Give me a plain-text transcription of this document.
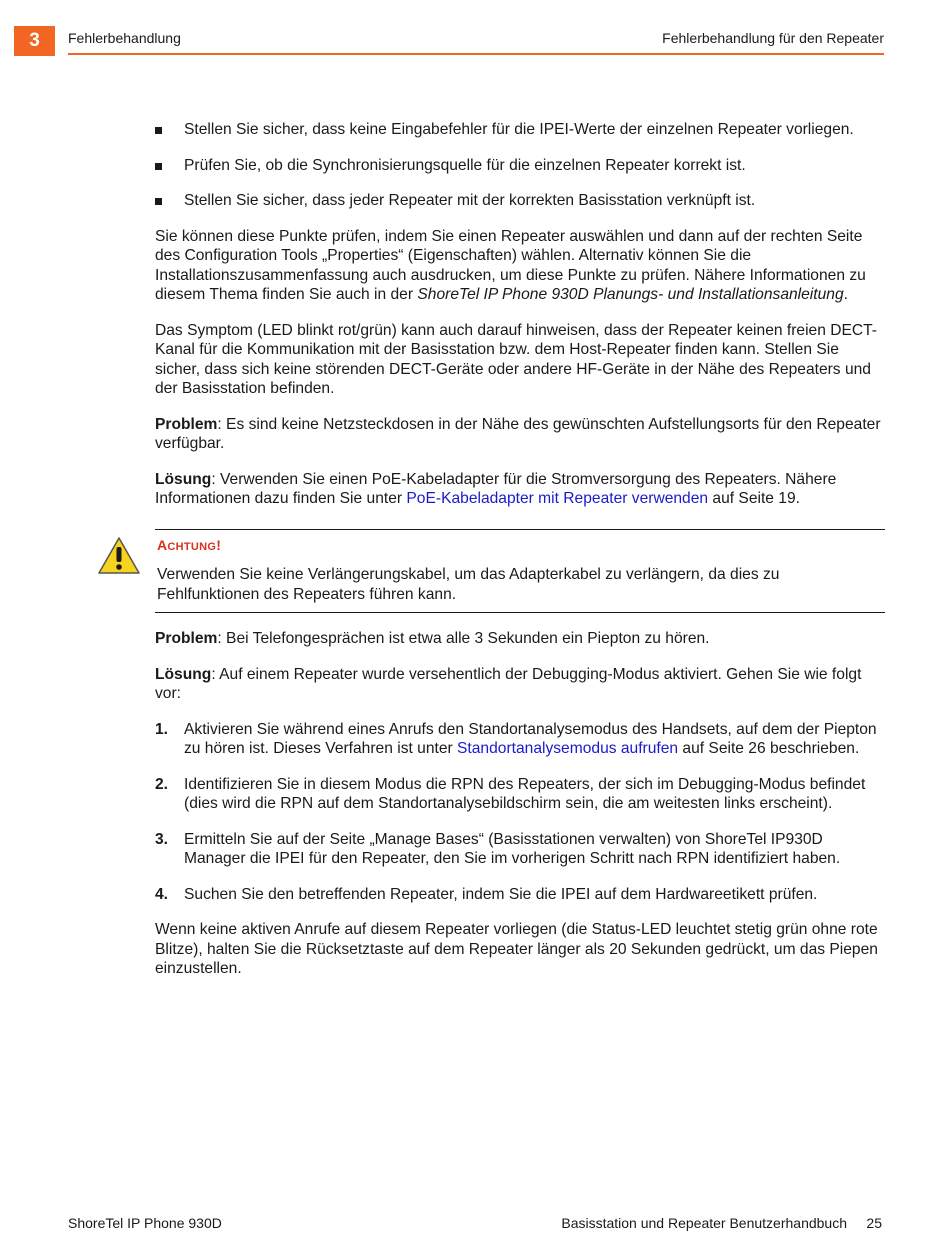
3	Fehlerbehandlung	Fehlerbehandlung für den Repeater
Stellen Sie sicher, dass keine Eingabefehler für die IPEI-Werte der einzelnen Repeater vorliegen.
Prüfen Sie, ob die Synchronisierungsquelle für die einzelnen Repeater korrekt ist.
Stellen Sie sicher, dass jeder Repeater mit der korrekten Basisstation verknüpft ist.

Sie können diese Punkte prüfen, indem Sie einen Repeater auswählen und dann auf der rechten Seite des Configuration Tools „Properties“ (Eigenschaften) wählen. Alternativ können Sie die Installationszusammenfassung auch ausdrucken, um diese Punkte zu prüfen. Nähere Informationen zu diesem Thema finden Sie auch in der ShoreTel IP Phone 930D Planungs- und Installationsanleitung.

Das Symptom (LED blinkt rot/grün) kann auch darauf hinweisen, dass der Repeater keinen freien DECT-Kanal für die Kommunikation mit der Basisstation bzw. dem Host-Repeater finden kann. Stellen Sie sicher, dass sich keine störenden DECT-Geräte oder andere HF-Geräte in der Nähe des Repeaters und der Basisstation befinden.

Problem: Es sind keine Netzsteckdosen in der Nähe des gewünschten Aufstellungsorts für den Repeater verfügbar.

Lösung: Verwenden Sie einen PoE-Kabeladapter für die Stromversorgung des Repeaters. Nähere Informationen dazu finden Sie unter PoE-Kabeladapter mit Repeater verwenden auf Seite 19.

ACHTUNG!
Verwenden Sie keine Verlängerungskabel, um das Adapterkabel zu verlängern, da dies zu Fehlfunktionen des Repeaters führen kann.

Problem: Bei Telefongesprächen ist etwa alle 3 Sekunden ein Piepton zu hören.

Lösung: Auf einem Repeater wurde versehentlich der Debugging-Modus aktiviert. Gehen Sie wie folgt vor:

1. Aktivieren Sie während eines Anrufs den Standortanalysemodus des Handsets, auf dem der Piepton zu hören ist. Dieses Verfahren ist unter Standortanalysemodus aufrufen auf Seite 26 beschrieben.
2. Identifizieren Sie in diesem Modus die RPN des Repeaters, der sich im Debugging-Modus befindet (dies wird die RPN auf dem Standortanalysebildschirm sein, die am weitesten links erscheint).
3. Ermitteln Sie auf der Seite „Manage Bases“ (Basisstationen verwalten) von ShoreTel IP930D Manager die IPEI für den Repeater, den Sie im vorherigen Schritt nach RPN identifiziert haben.
4. Suchen Sie den betreffenden Repeater, indem Sie die IPEI auf dem Hardwareetikett prüfen.

Wenn keine aktiven Anrufe auf diesem Repeater vorliegen (die Status-LED leuchtet stetig grün ohne rote Blitze), halten Sie die Rücksetztaste auf dem Repeater länger als 20 Sekunden gedrückt, um das Piepen einzustellen.

ShoreTel IP Phone 930D	Basisstation und Repeater Benutzerhandbuch 25
